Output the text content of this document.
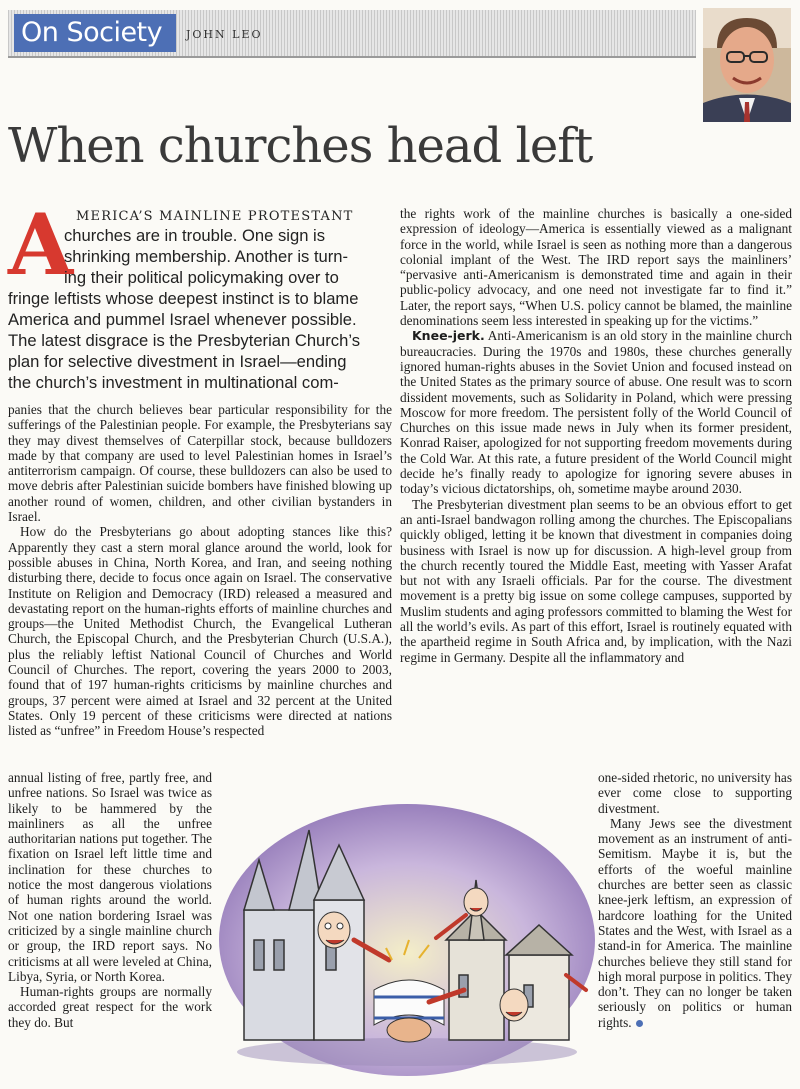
On Society	JOHN LEO
When churches head left
A MERICA’S MAINLINE PROTESTANT
churches are in trouble. One sign is
shrinking membership. Another is turn-
ing their political policymaking over to
fringe leftists whose deepest instinct is to blame
America and pummel Israel whenever possible.
The latest disgrace is the Presbyterian Church’s
plan for selective divestment in Israel—ending
the church’s investment in multinational com-

panies that the church believes bear particular responsibility for the sufferings of the Palestinian people. For example, the Presbyterians say they may divest themselves of Caterpillar stock, because bulldozers made by that company are used to level Palestinian homes in Israel’s antiterrorism campaign. Of course, these bulldozers can also be used to move debris after Palestinian suicide bombers have finished blowing up another round of women, children, and other civilian bystanders in Israel.

How do the Presbyterians go about adopting stances like this? Apparently they cast a stern moral glance around the world, look for possible abuses in China, North Korea, and Iran, and seeing nothing disturbing there, decide to focus once again on Israel. The conservative Institute on Religion and Democracy (IRD) released a measured and devastating report on the human-rights efforts of mainline churches and groups—the United Methodist Church, the Evangelical Lutheran Church, the Episcopal Church, and the Presbyterian Church (U.S.A.), plus the reliably leftist National Council of Churches and World Council of Churches. The report, covering the years 2000 to 2003, found that of 197 human-rights criticisms by mainline churches and groups, 37 percent were aimed at Israel and 32 percent at the United States. Only 19 percent of these criticisms were directed at nations listed as “unfree” in Freedom House’s respected

annual listing of free, partly free, and unfree nations. So Israel was twice as likely to be hammered by the mainliners as all the unfree authoritarian nations put together. The fixation on Israel left little time and inclination for these churches to notice the most dangerous violations of human rights around the world. Not one nation bordering Israel was criticized by a single mainline church or group, the IRD report says. No criticisms at all were leveled at China, Libya, Syria, or North Korea.

Human-rights groups are normally accorded great respect for the work they do. But

the rights work of the mainline churches is basically a one-sided expression of ideology—America is essentially viewed as a malignant force in the world, while Israel is seen as nothing more than a dangerous colonial implant of the West. The IRD report says the mainliners’ “pervasive anti-Americanism is demonstrated time and again in their public-policy advocacy, and one need not investigate far to find it.” Later, the report says, “When U.S. policy cannot be blamed, the mainline denominations seem less interested in speaking up for the victims.”

Knee-jerk. Anti-Americanism is an old story in the mainline church bureaucracies. During the 1970s and 1980s, these churches generally ignored human-rights abuses in the Soviet Union and focused instead on the United States as the primary source of abuse. One result was to scorn dissident movements, such as Solidarity in Poland, which were pressing Moscow for more freedom. The persistent folly of the World Council of Churches on this issue made news in July when its former president, Konrad Raiser, apologized for not supporting freedom movements during the Cold War. At this rate, a future president of the World Council might decide he’s finally ready to apologize for ignoring severe abuses in today’s vicious dictatorships, oh, sometime maybe around 2030.

The Presbyterian divestment plan seems to be an obvious effort to get an anti-Israel bandwagon rolling among the churches. The Episcopalians quickly obliged, letting it be known that divestment in companies doing business with Israel is now up for discussion. A high-level group from the church recently toured the Middle East, meeting with Yasser Arafat but not with any Israeli officials. Par for the course. The divestment movement is a pretty big issue on some college campuses, supported by Muslim students and aging professors committed to blaming the West for all the world’s evils. As part of this effort, Israel is routinely equated with the apartheid regime in South Africa and, by implication, with the Nazi regime in Germany. Despite all the inflammatory and

one-sided rhetoric, no university has ever come close to supporting divestment.

Many Jews see the divestment movement as an instrument of anti-Semitism. Maybe it is, but the efforts of the woeful mainline churches are better seen as classic knee-jerk leftism, an expression of hardcore loathing for the United States and the West, with Israel as a stand-in for America. The mainline churches believe they still stand for high moral purpose in politics. They don’t. They can no longer be taken seriously on politics or human rights.
